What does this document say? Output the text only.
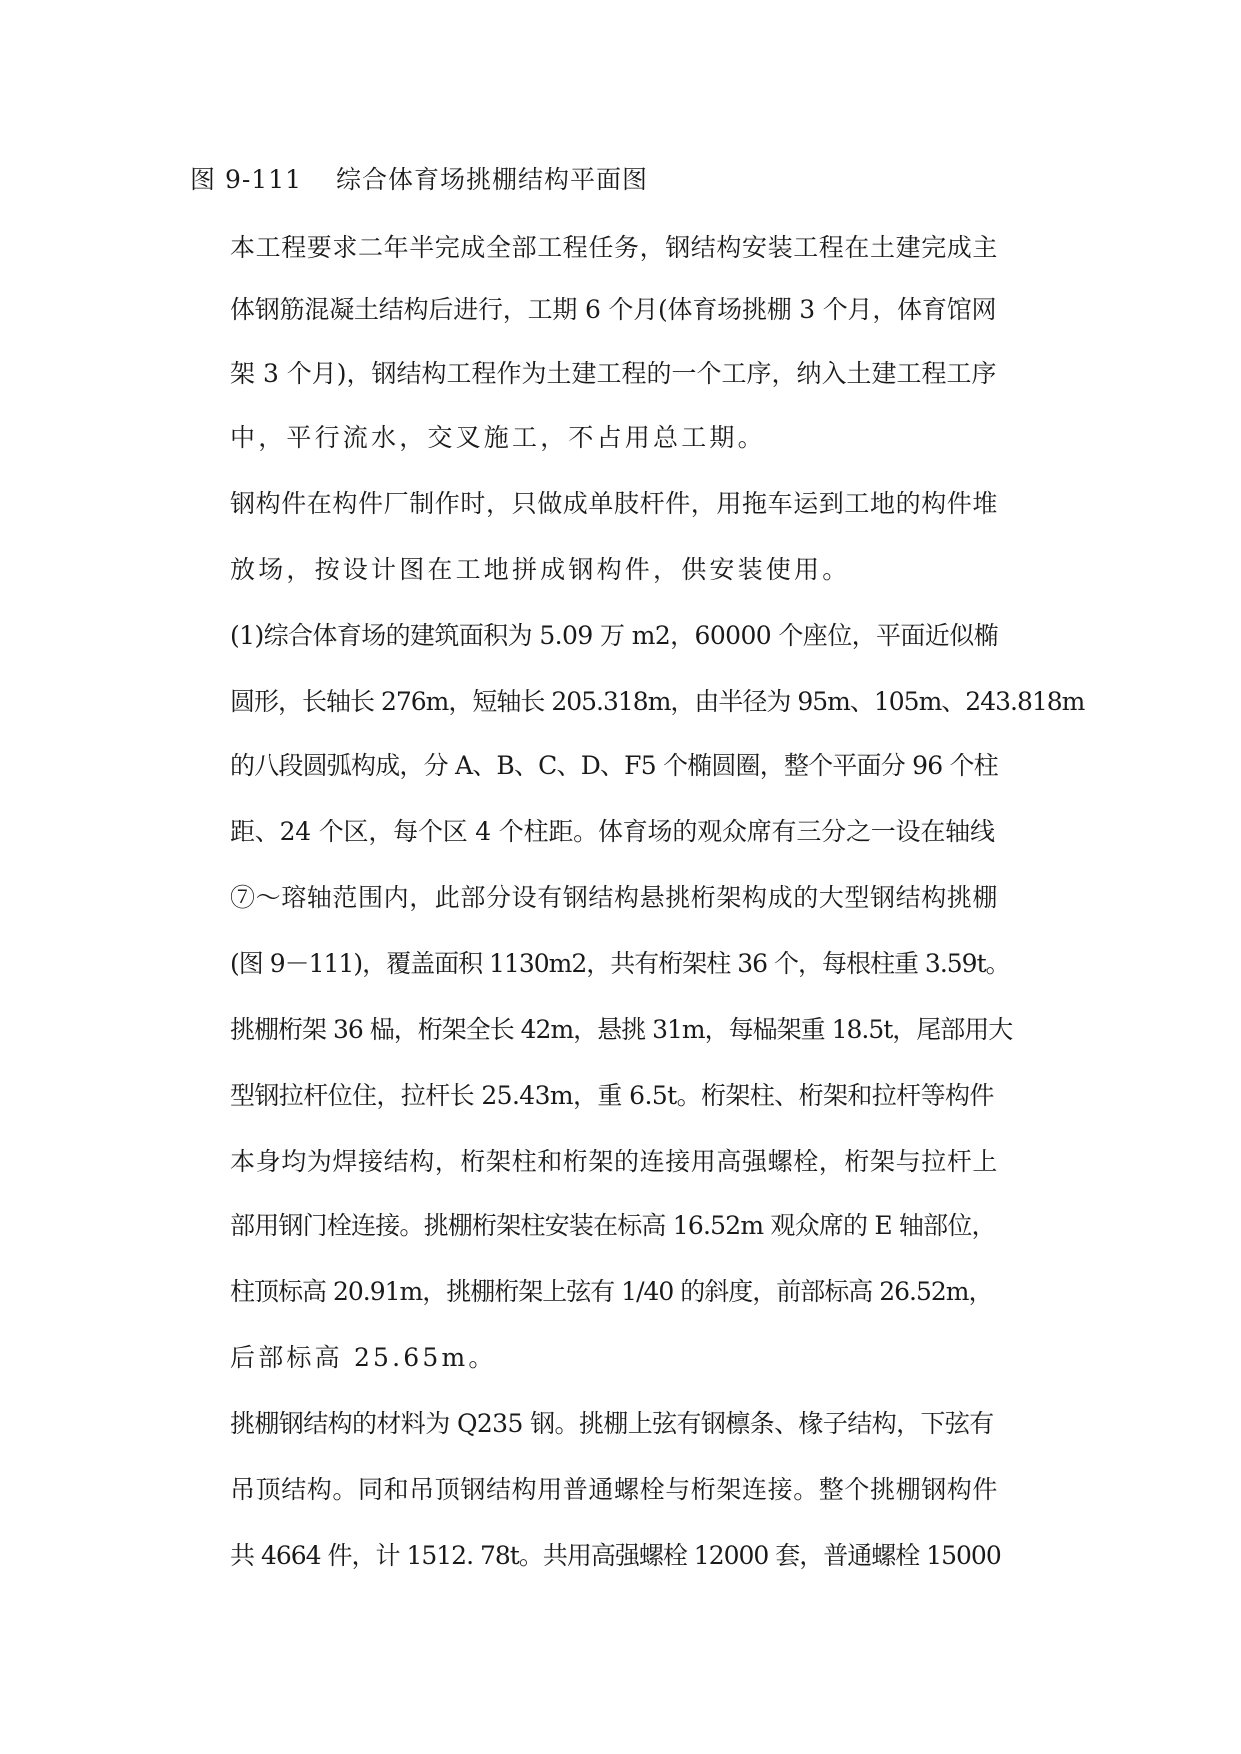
图 9-111 综合体育场挑棚结构平面图
本工程要求二年半完成全部工程任务，钢结构安装工程在土建完成主
体钢筋混凝土结构后进行，工期 6 个月(体育场挑棚 3 个月，体育馆网
架 3 个月)，钢结构工程作为土建工程的一个工序，纳入土建工程工序
中，平行流水，交叉施工，不占用总工期。
钢构件在构件厂制作时，只做成单肢杆件，用拖车运到工地的构件堆
放场，按设计图在工地拼成钢构件，供安装使用。
(1)综合体育场的建筑面积为 5.09 万 m2，60000 个座位，平面近似椭
圆形，长轴长 276m，短轴长 205.318m，由半径为 95m、105m、243.818m
的八段圆弧构成，分 A、B、C、D、F5 个椭圆圈，整个平面分 96 个柱
距、24 个区，每个区 4 个柱距。体育场的观众席有三分之一设在轴线
⑦～瑢轴范围内，此部分设有钢结构悬挑桁架构成的大型钢结构挑棚
(图 9－111)，覆盖面积 1130m2，共有桁架柱 36 个，每根柱重 3.59t。
挑棚桁架 36 榀，桁架全长 42m，悬挑 31m，每榀架重 18.5t，尾部用大
型钢拉杆位住，拉杆长 25.43m，重 6.5t。桁架柱、桁架和拉杆等构件
本身均为焊接结构，桁架柱和桁架的连接用高强螺栓，桁架与拉杆上
部用钢门栓连接。挑棚桁架柱安装在标高 16.52m 观众席的 E 轴部位，
柱顶标高 20.91m，挑棚桁架上弦有 1/40 的斜度，前部标高 26.52m，
后部标高 25.65m。
挑棚钢结构的材料为 Q235 钢。挑棚上弦有钢檩条、椽子结构，下弦有
吊顶结构。同和吊顶钢结构用普通螺栓与桁架连接。整个挑棚钢构件
共 4664 件，计 1512. 78t。共用高强螺栓 12000 套，普通螺栓 15000
